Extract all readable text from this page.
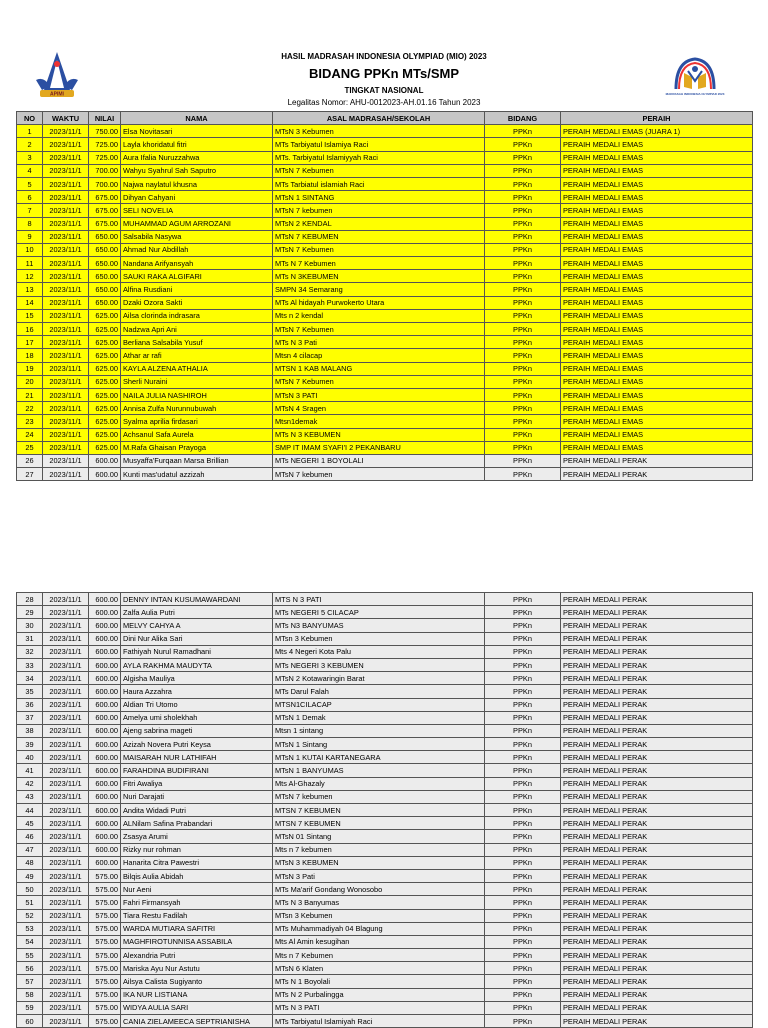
APIMI
HASIL MADRASAH INDONESIA OLYMPIAD (MIO) 2023
BIDANG PPKn MTs/SMP
TINGKAT NASIONAL
Legalitas Nomor: AHU-0012023-AH.01.16 Tahun 2023
MADRASAH INDONESIA OLYMPIAD 2023
NO	WAKTU	NILAI	NAMA	ASAL MADRASAH/SEKOLAH	BIDANG	PERAIH
1	2023/11/1	750.00	Elsa Novitasari	MTsN 3 Kebumen	PPKn	PERAIH MEDALI EMAS (JUARA 1)
2	2023/11/1	725.00	Layla khoridatul fitri	MTs Tarbiyatul Islamiya Raci	PPKn	PERAIH MEDALI EMAS
3	2023/11/1	725.00	Aura Ifalia Nuruzzahwa	MTs. Tarbiyatul Islamiyyah Raci	PPKn	PERAIH MEDALI EMAS
4	2023/11/1	700.00	Wahyu Syahrul Sah Saputro	MTsN 7 Kebumen	PPKn	PERAIH MEDALI EMAS
5	2023/11/1	700.00	Najwa naylatul khusna	MTs Tarbiatul islamiah Raci	PPKn	PERAIH MEDALI EMAS
6	2023/11/1	675.00	Dihyan Cahyani	MTsN 1 SINTANG	PPKn	PERAIH MEDALI EMAS
7	2023/11/1	675.00	SELI NOVELIA	MTsN 7 kebumen	PPKn	PERAIH MEDALI EMAS
8	2023/11/1	675.00	MUHAMMAD AGUM ARROZANI	MTsN 2 KENDAL	PPKn	PERAIH MEDALI EMAS
9	2023/11/1	650.00	Salsabila Nasywa	MTsN 7 KEBUMEN	PPKn	PERAIH MEDALI EMAS
10	2023/11/1	650.00	Ahmad Nur Abdillah	MTsN 7 Kebumen	PPKn	PERAIH MEDALI EMAS
11	2023/11/1	650.00	Nandana Arifyansyah	MTs N 7 Kebumen	PPKn	PERAIH MEDALI EMAS
12	2023/11/1	650.00	SAUKI RAKA ALGIFARI	MTs N 3KEBUMEN	PPKn	PERAIH MEDALI EMAS
13	2023/11/1	650.00	Alfina Rusdiani	SMPN 34 Semarang	PPKn	PERAIH MEDALI EMAS
14	2023/11/1	650.00	Dzaki Ozora Sakti	MTs Al hidayah Purwokerto Utara	PPKn	PERAIH MEDALI EMAS
15	2023/11/1	625.00	Ailsa clorinda indrasara	Mts n 2 kendal	PPKn	PERAIH MEDALI EMAS
16	2023/11/1	625.00	Nadzwa Apri Ani	MTsN 7 Kebumen	PPKn	PERAIH MEDALI EMAS
17	2023/11/1	625.00	Berliana Salsabila Yusuf	MTs N 3 Pati	PPKn	PERAIH MEDALI EMAS
18	2023/11/1	625.00	Athar ar rafi	Mtsn 4 cilacap	PPKn	PERAIH MEDALI EMAS
19	2023/11/1	625.00	KAYLA ALZENA ATHALIA	MTSN 1 KAB MALANG	PPKn	PERAIH MEDALI EMAS
20	2023/11/1	625.00	Sherli Nuraini	MTsN 7 Kebumen	PPKn	PERAIH MEDALI EMAS
21	2023/11/1	625.00	NAILA JULIA NASHIROH	MTsN 3 PATI	PPKn	PERAIH MEDALI EMAS
22	2023/11/1	625.00	Annisa Zulfa Nurunnubuwah	MTsN 4 Sragen	PPKn	PERAIH MEDALI EMAS
23	2023/11/1	625.00	Syalma aprilia firdasari	Mtsn1demak	PPKn	PERAIH MEDALI EMAS
24	2023/11/1	625.00	Achsanul Safa Aurela	MTs N 3 KEBUMEN	PPKn	PERAIH MEDALI EMAS
25	2023/11/1	625.00	M.Rafa Ghaisan Prayoga	SMP IT IMAM SYAFI'I 2 PEKANBARU	PPKn	PERAIH MEDALI EMAS
26	2023/11/1	600.00	Musyaffa'Furqaan Marsa Brillian	MTs NEGERI 1 BOYOLALI	PPKn	PERAIH MEDALI PERAK
27	2023/11/1	600.00	Kunti mas'udatul azzizah	MTsN 7 kebumen	PPKn	PERAIH MEDALI PERAK
28	2023/11/1	600.00	DENNY INTAN KUSUMAWARDANI	MTS N 3 PATI	PPKn	PERAIH MEDALI PERAK
29	2023/11/1	600.00	Zalfa Aulia Putri	MTs NEGERI 5 CILACAP	PPKn	PERAIH MEDALI PERAK
30	2023/11/1	600.00	MELVY CAHYA A	MTs N3 BANYUMAS	PPKn	PERAIH MEDALI PERAK
31	2023/11/1	600.00	Dini Nur Alika Sari	MTsn 3 Kebumen	PPKn	PERAIH MEDALI PERAK
32	2023/11/1	600.00	Fathiyah Nurul Ramadhani	Mts 4 Negeri Kota Palu	PPKn	PERAIH MEDALI PERAK
33	2023/11/1	600.00	AYLA RAKHMA MAUDYTA	MTs NEGERI 3 KEBUMEN	PPKn	PERAIH MEDALI PERAK
34	2023/11/1	600.00	Algisha Mauliya	MTsN 2 Kotawaringin Barat	PPKn	PERAIH MEDALI PERAK
35	2023/11/1	600.00	Haura Azzahra	MTs Darul Falah	PPKn	PERAIH MEDALI PERAK
36	2023/11/1	600.00	Aldian Tri Utomo	MTSN1CILACAP	PPKn	PERAIH MEDALI PERAK
37	2023/11/1	600.00	Amelya umi sholekhah	MTsN 1 Demak	PPKn	PERAIH MEDALI PERAK
38	2023/11/1	600.00	Ajeng sabrina mageti	Mtsn 1 sintang	PPKn	PERAIH MEDALI PERAK
39	2023/11/1	600.00	Azizah Novera Putri Keysa	MTsN 1 Sintang	PPKn	PERAIH MEDALI PERAK
40	2023/11/1	600.00	MAISARAH NUR LATHIFAH	MTsN 1 KUTAI KARTANEGARA	PPKn	PERAIH MEDALI PERAK
41	2023/11/1	600.00	FARAHDINA BUDIFIRANI	MTsN 1 BANYUMAS	PPKn	PERAIH MEDALI PERAK
42	2023/11/1	600.00	Fitri Awaliya	Mts Al-Ghazaly	PPKn	PERAIH MEDALI PERAK
43	2023/11/1	600.00	Nuri Darajati	MTsN 7 kebumen	PPKn	PERAIH MEDALI PERAK
44	2023/11/1	600.00	Andita Widadi Putri	MTSN 7 KEBUMEN	PPKn	PERAIH MEDALI PERAK
45	2023/11/1	600.00	ALNilam Safina Prabandari	MTSN 7 KEBUMEN	PPKn	PERAIH MEDALI PERAK
46	2023/11/1	600.00	Zsasya Arumi	MTsN 01 Sintang	PPKn	PERAIH MEDALI PERAK
47	2023/11/1	600.00	Rizky nur rohman	Mts n 7 kebumen	PPKn	PERAIH MEDALI PERAK
48	2023/11/1	600.00	Hanarita Citra Pawestri	MTsN 3 KEBUMEN	PPKn	PERAIH MEDALI PERAK
49	2023/11/1	575.00	Bilqis Aulia Abidah	MTsN 3 Pati	PPKn	PERAIH MEDALI PERAK
50	2023/11/1	575.00	Nur Aeni	MTs Ma'arif Gondang Wonosobo	PPKn	PERAIH MEDALI PERAK
51	2023/11/1	575.00	Fahri Firmansyah	MTs N 3 Banyumas	PPKn	PERAIH MEDALI PERAK
52	2023/11/1	575.00	Tiara Restu Fadilah	MTsn 3 Kebumen	PPKn	PERAIH MEDALI PERAK
53	2023/11/1	575.00	WARDA MUTIARA SAFITRI	MTs Muhammadiyah 04 Blagung	PPKn	PERAIH MEDALI PERAK
54	2023/11/1	575.00	MAGHFIROTUNNISA ASSABILA	Mts Al Amin kesugihan	PPKn	PERAIH MEDALI PERAK
55	2023/11/1	575.00	Alexandria Putri	Mts n 7 Kebumen	PPKn	PERAIH MEDALI PERAK
56	2023/11/1	575.00	Mariska Ayu Nur Astutu	MTsN 6 Klaten	PPKn	PERAIH MEDALI PERAK
57	2023/11/1	575.00	Ailsya Calista Sugiyanto	MTs N 1 Boyolali	PPKn	PERAIH MEDALI PERAK
58	2023/11/1	575.00	IKA NUR LISTIANA	MTs N 2 Purbalingga	PPKn	PERAIH MEDALI PERAK
59	2023/11/1	575.00	WIDYA AULIA SARI	MTs N 3 PATI	PPKn	PERAIH MEDALI PERAK
60	2023/11/1	575.00	CANIA ZIELAMEECA SEPTRIANISHA	MTs Tarbiyatul Islamiyah Raci	PPKn	PERAIH MEDALI PERAK
